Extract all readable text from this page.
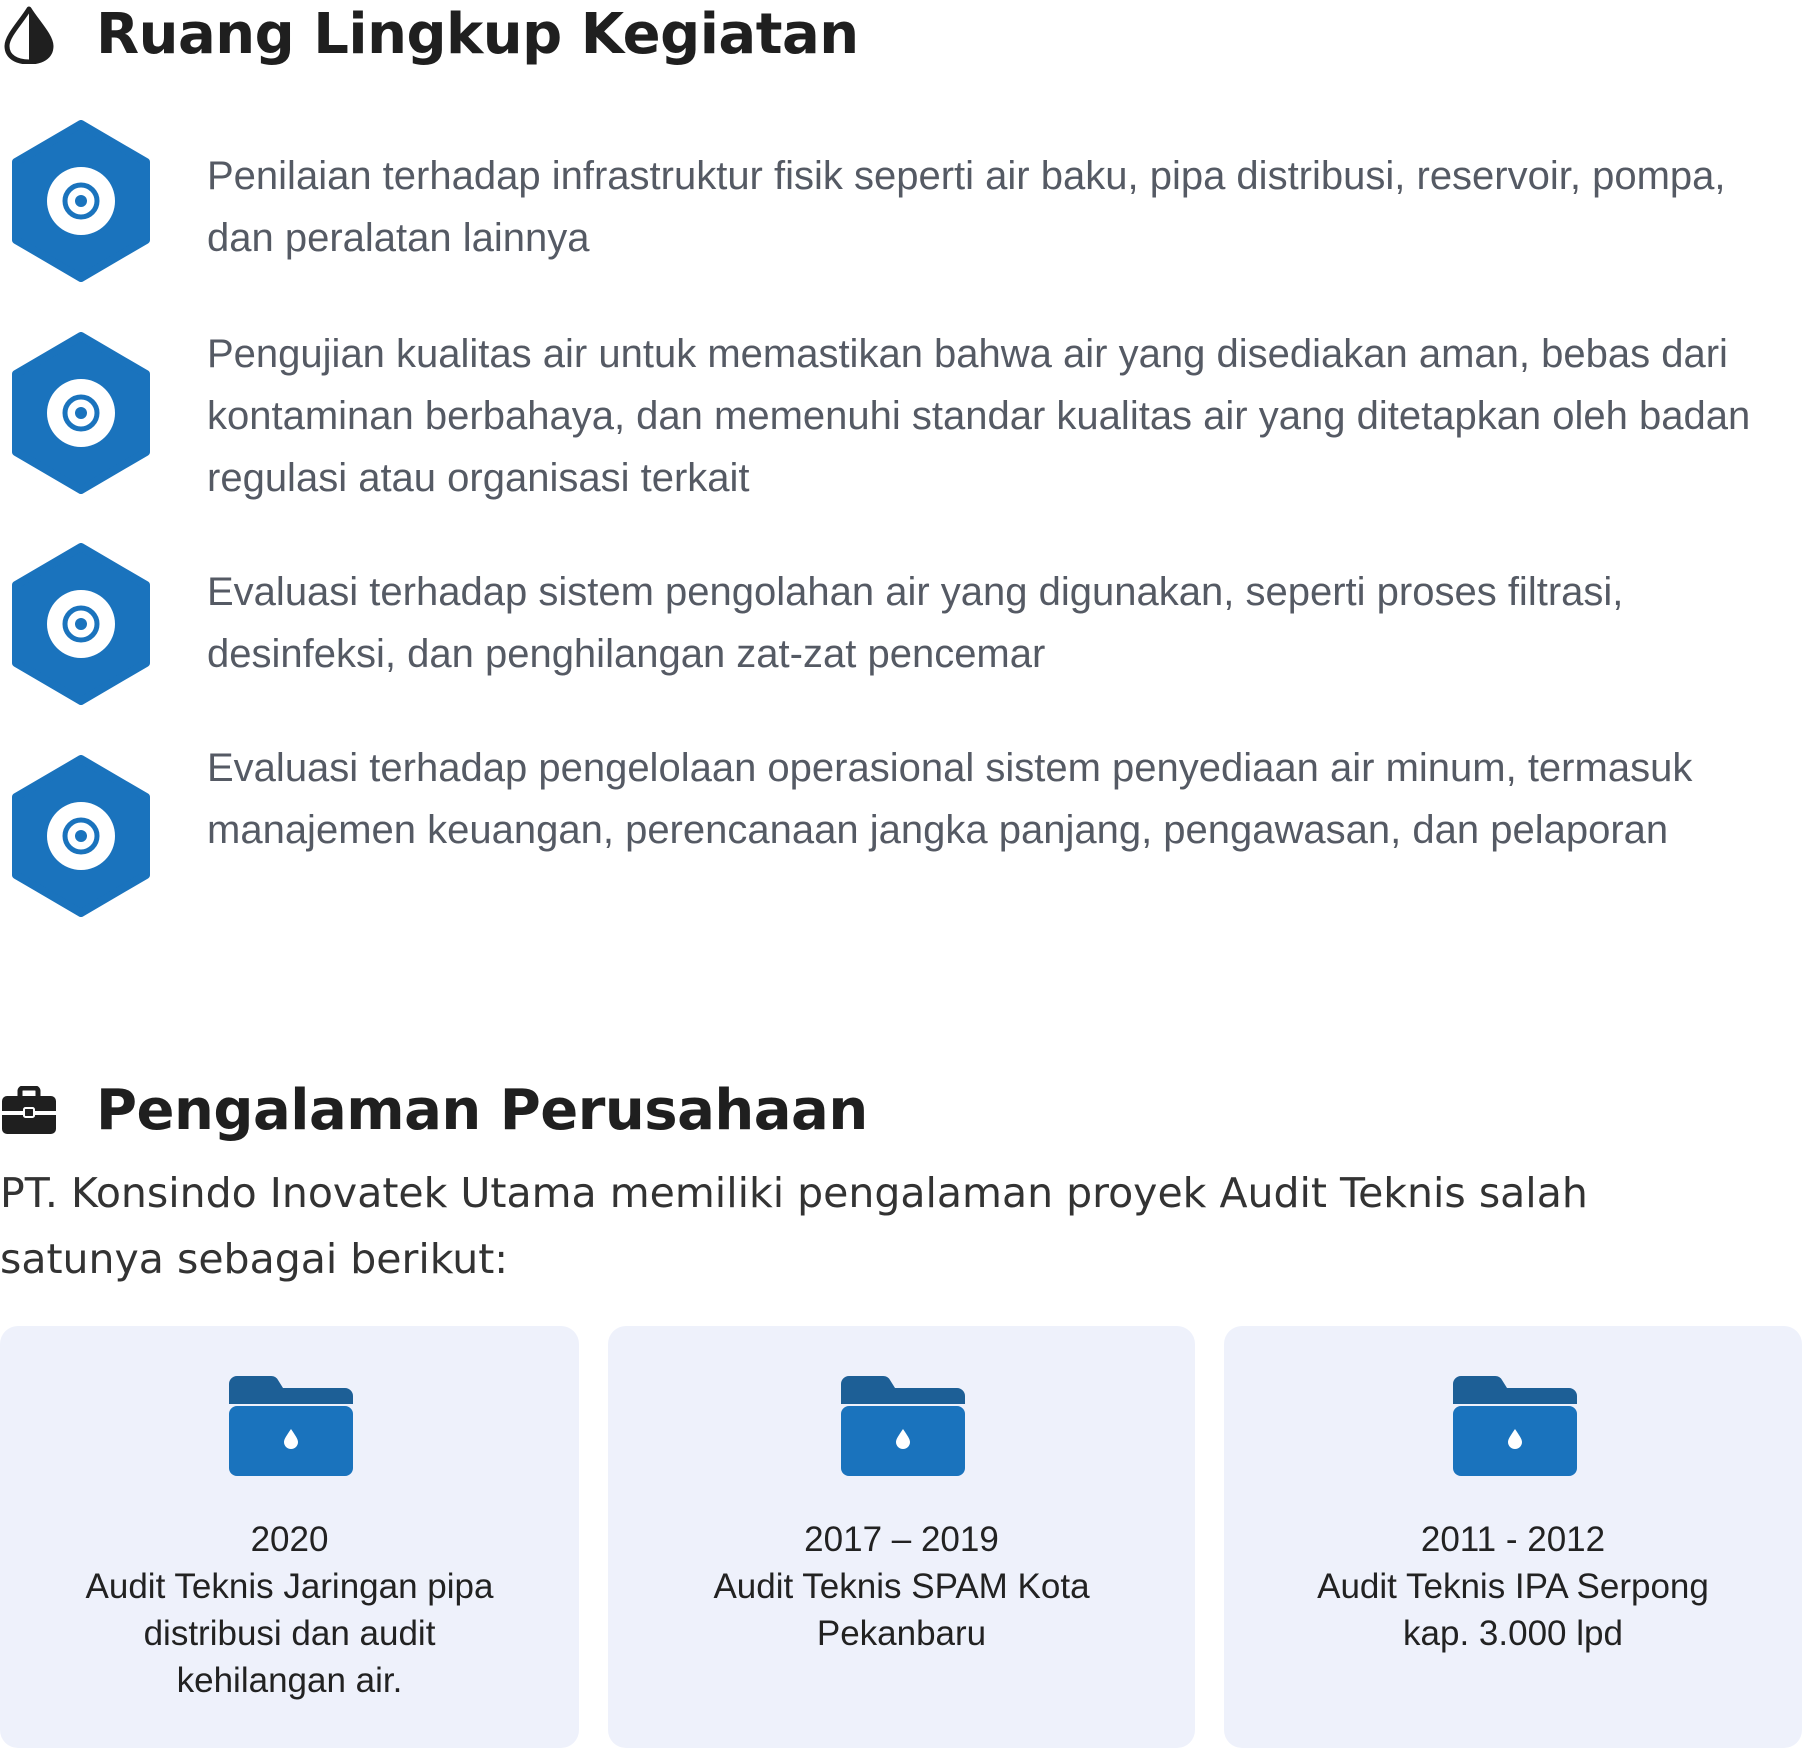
Ruang Lingkup Kegiatan

Penilaian terhadap infrastruktur fisik seperti air baku, pipa distribusi, reservoir, pompa, dan peralatan lainnya

Pengujian kualitas air untuk memastikan bahwa air yang disediakan aman, bebas dari kontaminan berbahaya, dan memenuhi standar kualitas air yang ditetapkan oleh badan regulasi atau organisasi terkait

Evaluasi terhadap sistem pengolahan air yang digunakan, seperti proses filtrasi, desinfeksi, dan penghilangan zat-zat pencemar

Evaluasi terhadap pengelolaan operasional sistem penyediaan air minum, termasuk manajemen keuangan, perencanaan jangka panjang, pengawasan, dan pelaporan

Pengalaman Perusahaan

PT. Konsindo Inovatek Utama memiliki pengalaman proyek Audit Teknis salah satunya sebagai berikut:

2020
Audit Teknis Jaringan pipa
distribusi dan audit
kehilangan air.
2017 – 2019
Audit Teknis SPAM Kota
Pekanbaru
2011 - 2012
Audit Teknis IPA Serpong
kap. 3.000 lpd
